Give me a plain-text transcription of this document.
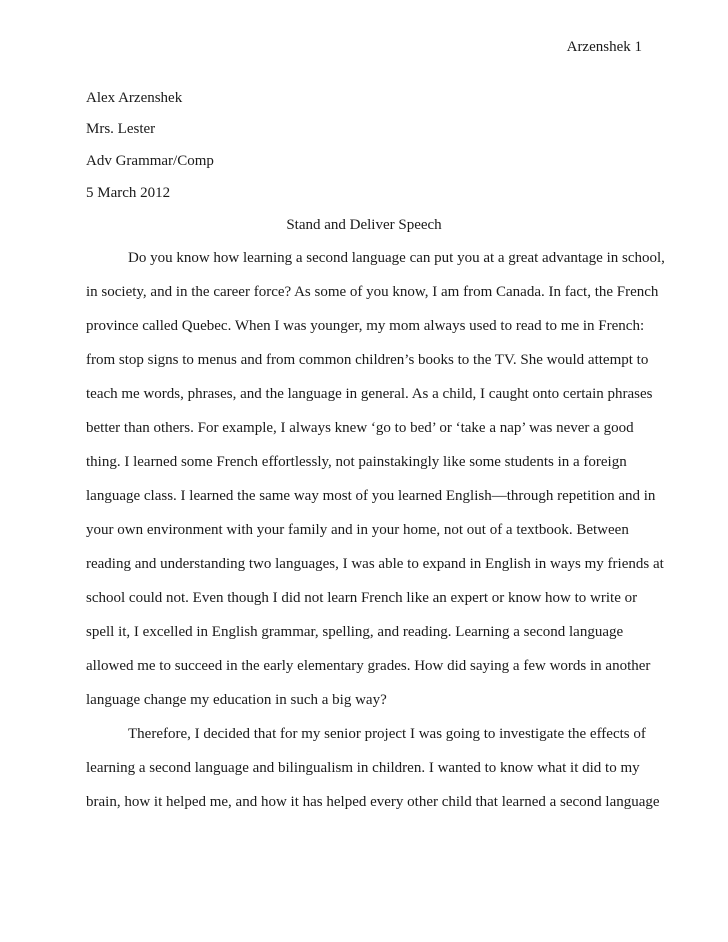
Arzenshek 1
Alex Arzenshek
Mrs. Lester
Adv Grammar/Comp
5 March 2012
Stand and Deliver Speech
Do you know how learning a second language can put you at a great advantage in school,
in society, and in the career force? As some of you know, I am from Canada. In fact, the French
province called Quebec. When I was younger, my mom always used to read to me in French:
from stop signs to menus and from common children’s books to the TV. She would attempt to
teach me words, phrases, and the language in general. As a child, I caught onto certain phrases
better than others. For example, I always knew ‘go to bed’ or ‘take a nap’ was never a good
thing. I learned some French effortlessly, not painstakingly like some students in a foreign
language class. I learned the same way most of you learned English—through repetition and in
your own environment with your family and in your home, not out of a textbook. Between
reading and understanding two languages, I was able to expand in English in ways my friends at
school could not. Even though I did not learn French like an expert or know how to write or
spell it, I excelled in English grammar, spelling, and reading. Learning a second language
allowed me to succeed in the early elementary grades. How did saying a few words in another
language change my education in such a big way?
Therefore, I decided that for my senior project I was going to investigate the effects of
learning a second language and bilingualism in children. I wanted to know what it did to my
brain, how it helped me, and how it has helped every other child that learned a second language
